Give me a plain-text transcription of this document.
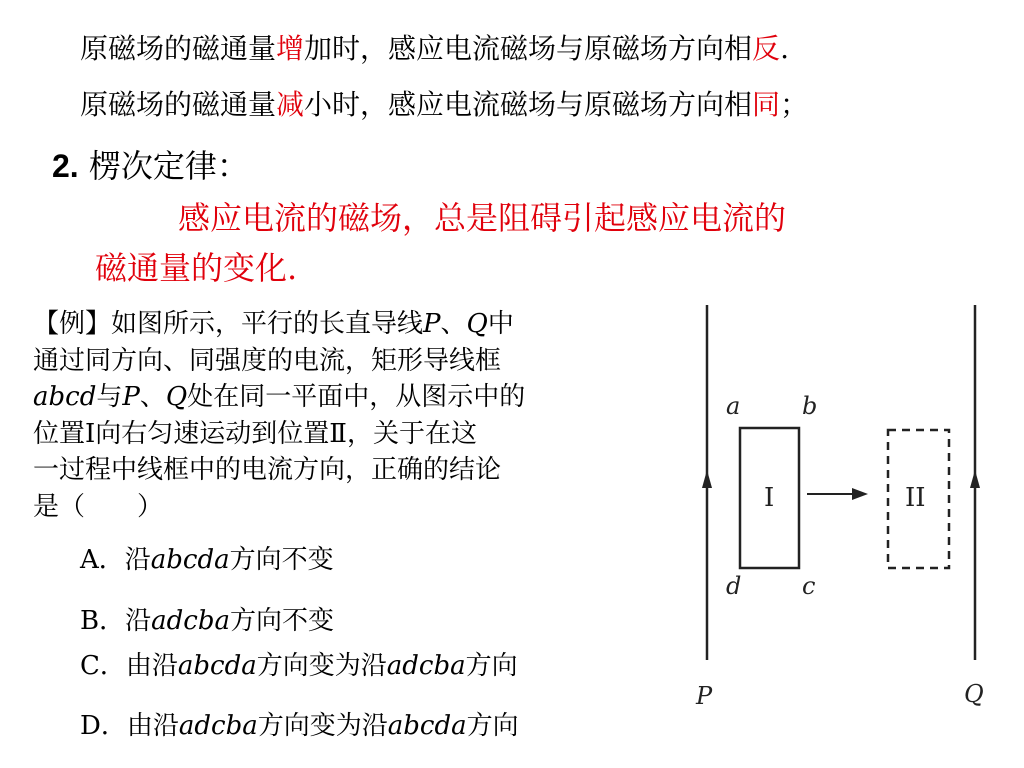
原磁场的磁通量增加时，感应电流磁场与原磁场方向相反.
原磁场的磁通量减小时，感应电流磁场与原磁场方向相同；
2. 楞次定律：
感应电流的磁场，总是阻碍引起感应电流的
磁通量的变化.
【例】如图所示，平行的长直导线P、Q中
通过同方向、同强度的电流，矩形导线框
abcd与P、Q处在同一平面中，从图示中的
位置I向右匀速运动到位置Ⅱ，关于在这
一过程中线框中的电流方向，正确的结论
是（　　）
A．沿abcda方向不变
B．沿adcba方向不变
C．由沿abcda方向变为沿adcba方向
D．由沿adcba方向变为沿abcda方向
a	b
d	c
I	II
P	Q
